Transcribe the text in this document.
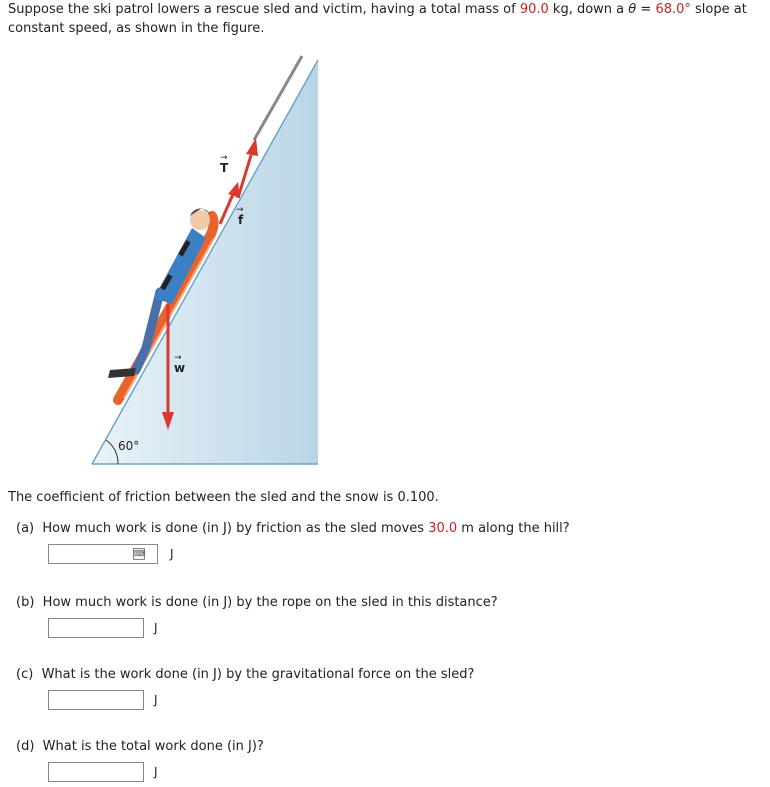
Suppose the ski patrol lowers a rescue sled and victim, having a total mass of 90.0 kg, down a θ = 68.0° slope at constant speed, as shown in the figure.
60°
T
→
f
→
w
→
The coefficient of friction between the sled and the snow is 0.100.
(a) How much work is done (in J) by friction as the sled moves 30.0 m along the hill?
⌨ J
(b) How much work is done (in J) by the rope on the sled in this distance?
J
(c) What is the work done (in J) by the gravitational force on the sled?
J
(d) What is the total work done (in J)?
J
